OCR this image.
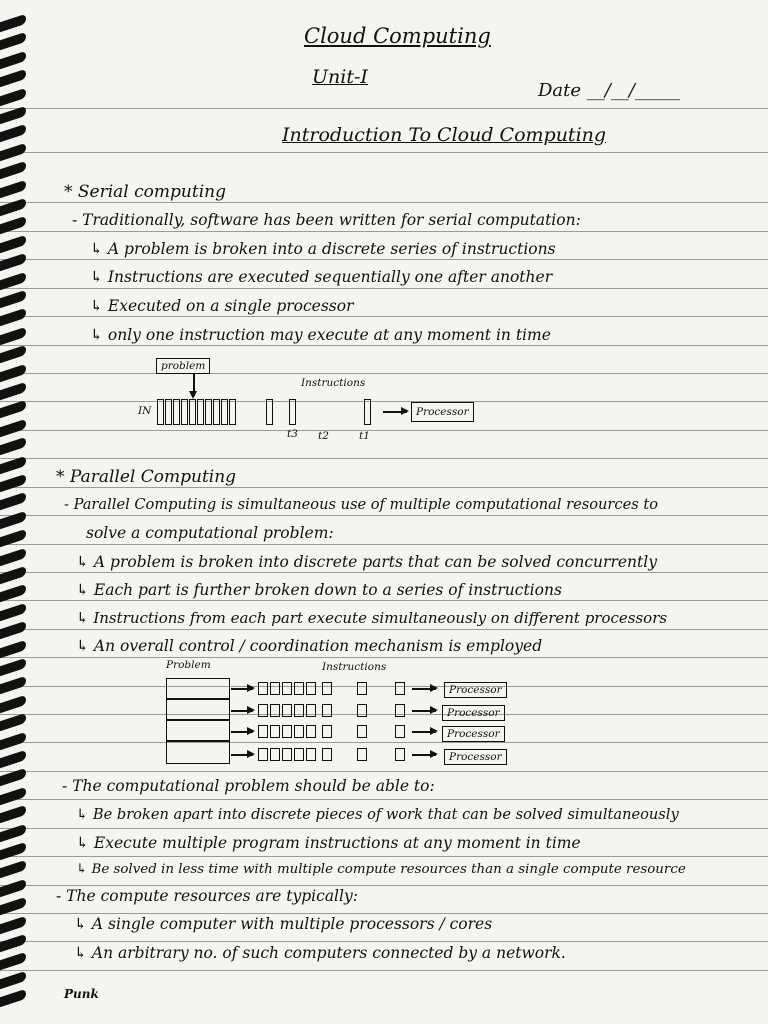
Cloud Computing
Unit-I
Date __/__/_____
Introduction To Cloud Computing
* Serial computing
- Traditionally, software has been written for serial computation:
↳ A problem is broken into a discrete series of instructions
↳ Instructions are executed sequentially one after another
↳ Executed on a single processor
↳ only one instruction may execute at any moment in time
problem
Instructions
IN
t3 t2	t1
Processor
* Parallel Computing
- Parallel Computing is simultaneous use of multiple computational resources to
solve a computational problem:
↳ A problem is broken into discrete parts that can be solved concurrently
↳ Each part is further broken down to a series of instructions
↳ Instructions from each part execute simultaneously on different processors
↳ An overall control / coordination mechanism is employed
Problem	Instructions
Processor
Processor
Processor
Processor
- The computational problem should be able to:
↳ Be broken apart into discrete pieces of work that can be solved simultaneously
↳ Execute multiple program instructions at any moment in time
↳ Be solved in less time with multiple compute resources than a single compute resource
- The compute resources are typically:
↳ A single computer with multiple processors / cores
↳ An arbitrary no. of such computers connected by a network.
Punk
